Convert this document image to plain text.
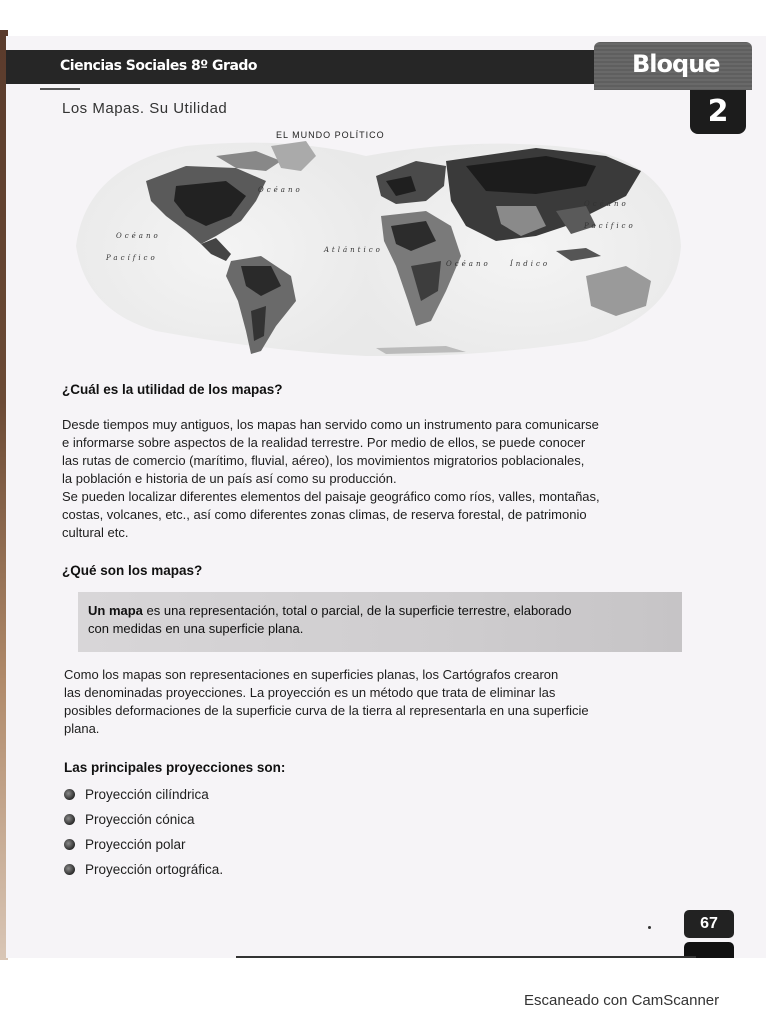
Ciencias Sociales 8º Grado	Bloque
2
Los Mapas. Su Utilidad
EL MUNDO POLÍTICO
Océano
Océano
Pacífico
Atlántico
Océano	Índico
Océano
Pacífico
¿Cuál es la utilidad de los mapas?
Desde tiempos muy antiguos, los mapas han servido como un instrumento para comunicarse
e informarse sobre aspectos de la realidad terrestre. Por medio de ellos, se puede conocer
las rutas de comercio (marítimo, fluvial, aéreo), los movimientos migratorios poblacionales,
la población e historia de un país así como su producción.
Se pueden localizar diferentes elementos del paisaje geográfico como ríos, valles, montañas,
costas, volcanes, etc., así como diferentes zonas climas, de reserva forestal, de patrimonio
cultural etc.
¿Qué son los mapas?
Un mapa es una representación, total o parcial, de la superficie terrestre, elaborado
con medidas en una superficie plana.
Como los mapas son representaciones en superficies planas, los Cartógrafos crearon
las denominadas proyecciones. La proyección es un método que trata de eliminar las
posibles deformaciones de la superficie curva de la tierra al representarla en una superficie
plana.
Las principales proyecciones son:
Proyección cilíndrica
Proyección cónica
Proyección polar
Proyección ortográfica.
67
Escaneado con CamScanner
